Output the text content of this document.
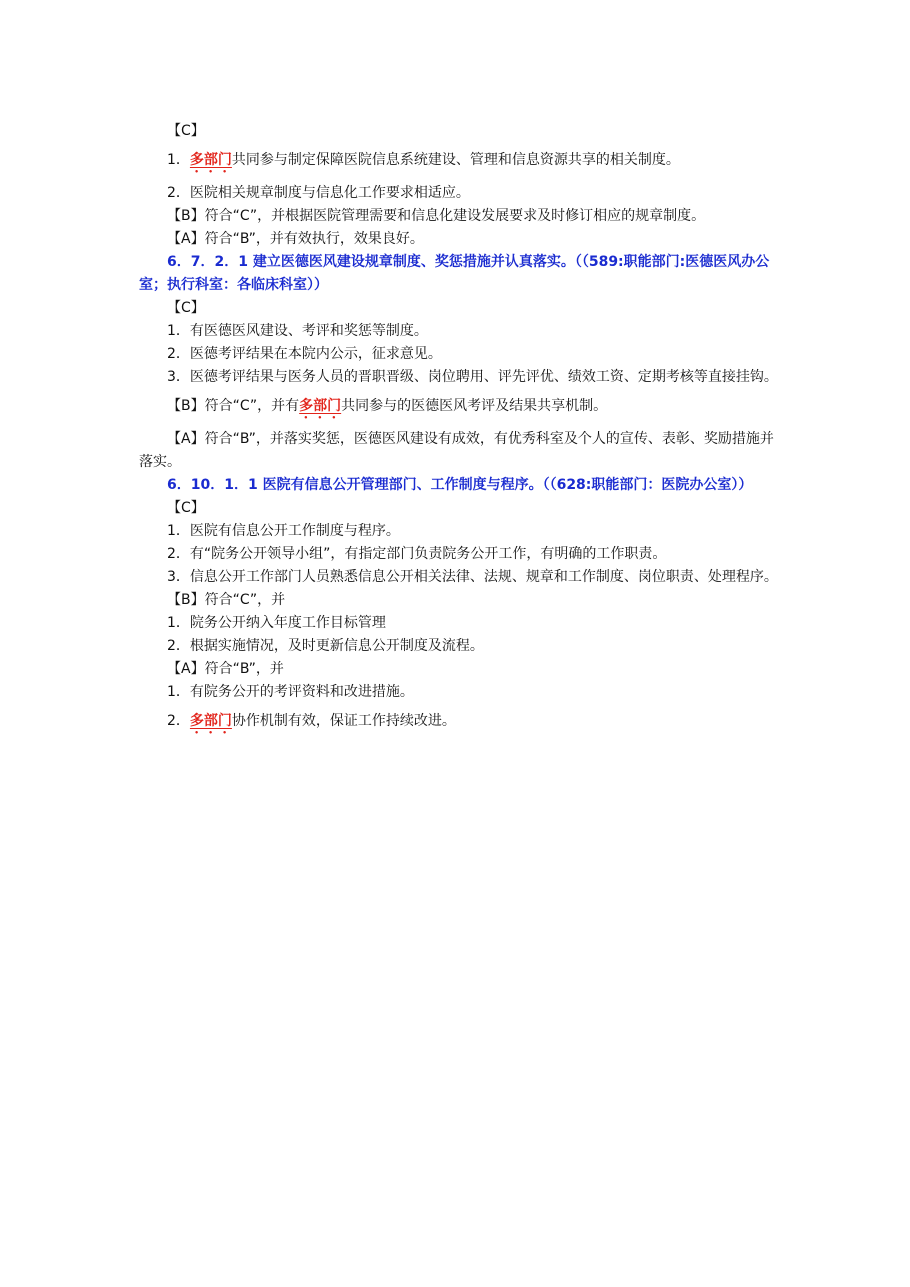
【C】

1．多部门共同参与制定保障医院信息系统建设、管理和信息资源共享的相关制度。

2．医院相关规章制度与信息化工作要求相适应。

【B】符合“C”，并根据医院管理需要和信息化建设发展要求及时修订相应的规章制度。

【A】符合“B”，并有效执行，效果良好。

6．7．2．1 建立医德医风建设规章制度、奖惩措施并认真落实。（（589:职能部门:医德医风办公室；执行科室：各临床科室））

【C】

1．有医德医风建设、考评和奖惩等制度。

2．医德考评结果在本院内公示，征求意见。

3．医德考评结果与医务人员的晋职晋级、岗位聘用、评先评优、绩效工资、定期考核等直接挂钩。

【B】符合“C”，并有多部门共同参与的医德医风考评及结果共享机制。

【A】符合“B”，并落实奖惩，医德医风建设有成效，有优秀科室及个人的宣传、表彰、奖励措施并落实。

6．10．1．1 医院有信息公开管理部门、工作制度与程序。（（628:职能部门：医院办公室））

【C】

1．医院有信息公开工作制度与程序。

2．有“院务公开领导小组”，有指定部门负责院务公开工作，有明确的工作职责。

3．信息公开工作部门人员熟悉信息公开相关法律、法规、规章和工作制度、岗位职责、处理程序。

【B】符合“C”，并

1．院务公开纳入年度工作目标管理

2．根据实施情况，及时更新信息公开制度及流程。

【A】符合“B”，并

1．有院务公开的考评资料和改进措施。

2．多部门协作机制有效，保证工作持续改进。
